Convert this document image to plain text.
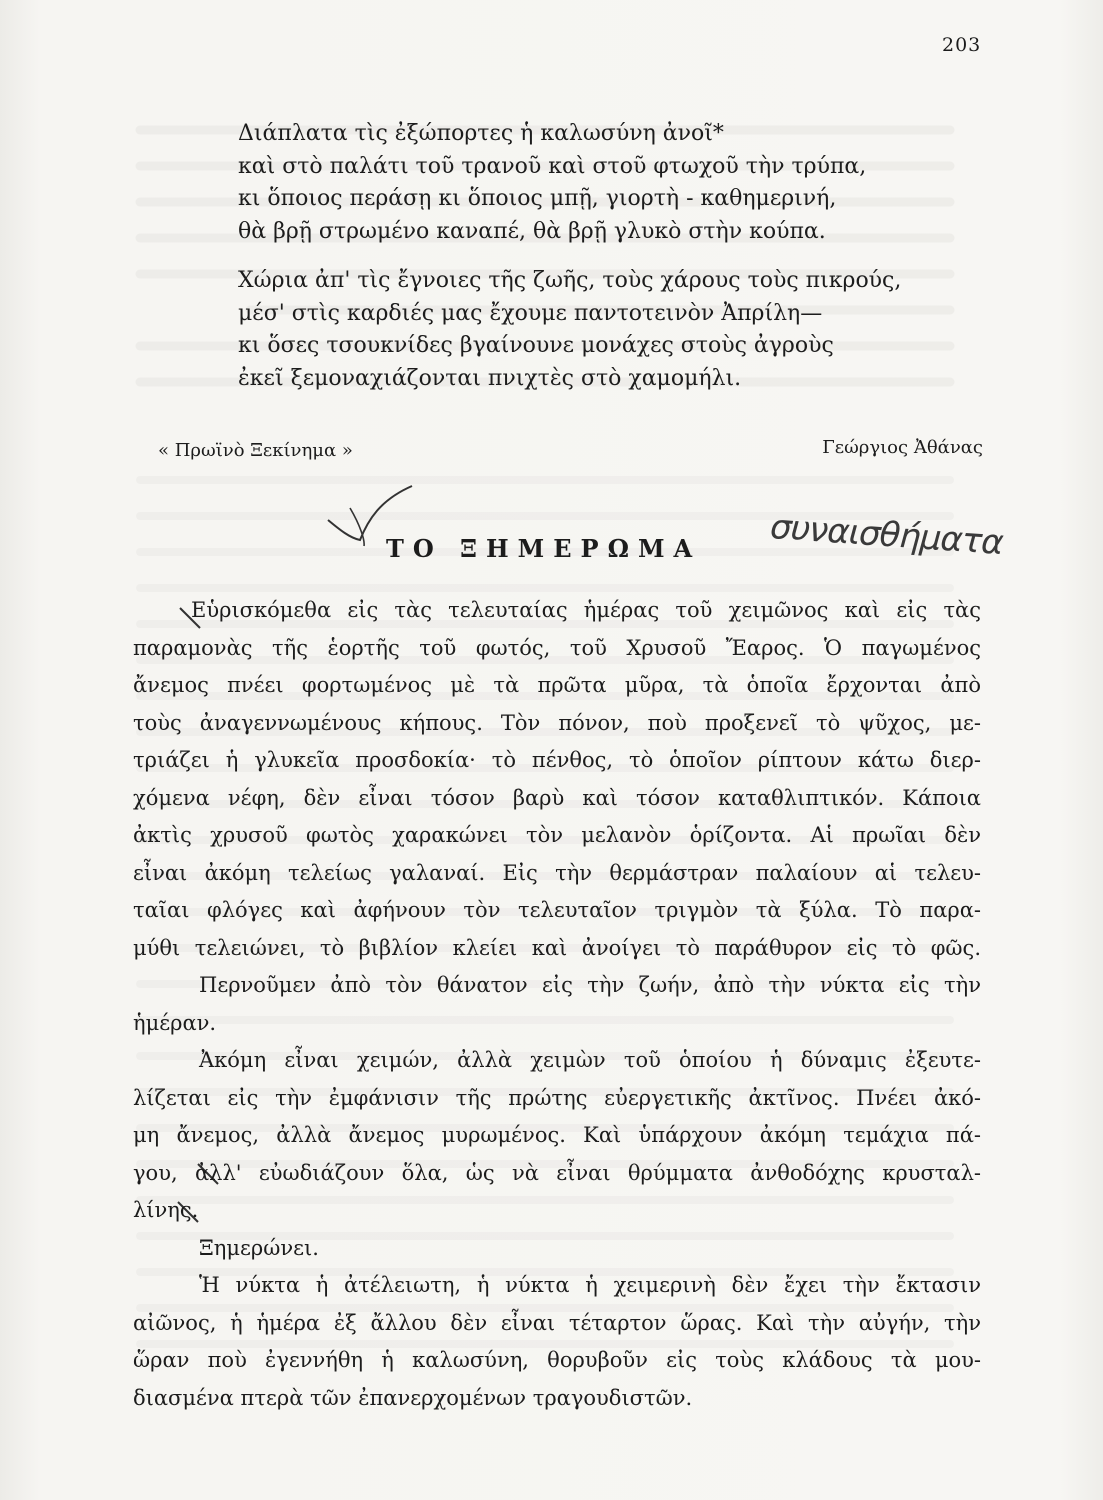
203
Διάπλατα τὶς ἐξώπορτες ἡ καλωσύνη ἀνοῖ*
καὶ στὸ παλάτι τοῦ τρανοῦ καὶ στοῦ φτωχοῦ τὴν τρύπα,
κι ὅποιος περάσῃ κι ὅποιος μπῇ, γιορτὴ - καθημερινή,
θὰ βρῇ στρωμένο καναπέ, θὰ βρῇ γλυκὸ στὴν κούπα.
Χώρια ἀπ' τὶς ἔγνοιες τῆς ζωῆς, τοὺς χάρους τοὺς πικρούς,
μέσ' στὶς καρδιές μας ἔχουμε παντοτεινὸν Ἀπρίλη—
κι ὅσες τσουκνίδες βγαίνουνε μονάχες στοὺς ἀγροὺς
ἐκεῖ ξεμοναχιάζονται πνιχτὲς στὸ χαμομήλι.
« Πρωϊνὸ Ξεκίνημα »	Γεώργιος Ἀθάνας
ΤΟ ΞΗΜΕΡΩΜΑ συναισθήματα
Εὑρισκόμεθα εἰς τὰς τελευταίας ἡμέρας τοῦ χειμῶνος καὶ εἰς τὰς
παραμονὰς τῆς ἑορτῆς τοῦ φωτός, τοῦ Χρυσοῦ Ἔαρος. Ὁ παγωμένος
ἄνεμος πνέει φορτωμένος μὲ τὰ πρῶτα μῦρα, τὰ ὁποῖα ἔρχονται ἀπὸ
τοὺς ἀναγεννωμένους κήπους. Τὸν πόνον, ποὺ προξενεῖ τὸ ψῦχος, με-
τριάζει ἡ γλυκεῖα προσδοκία· τὸ πένθος, τὸ ὁποῖον ρίπτουν κάτω διερ-
χόμενα νέφη, δὲν εἶναι τόσον βαρὺ καὶ τόσον καταθλιπτικόν. Κάποια
ἀκτὶς χρυσοῦ φωτὸς χαρακώνει τὸν μελανὸν ὁρίζοντα. Αἱ πρωῖαι δὲν
εἶναι ἀκόμη τελείως γαλαναί. Εἰς τὴν θερμάστραν παλαίουν αἱ τελευ-
ταῖαι φλόγες καὶ ἀφήνουν τὸν τελευταῖον τριγμὸν τὰ ξύλα. Τὸ παρα-
μύθι τελειώνει, τὸ βιβλίον κλείει καὶ ἀνοίγει τὸ παράθυρον εἰς τὸ φῶς.
Περνοῦμεν ἀπὸ τὸν θάνατον εἰς τὴν ζωήν, ἀπὸ τὴν νύκτα εἰς τὴν
ἡμέραν.
Ἀκόμη εἶναι χειμών, ἀλλὰ χειμὼν τοῦ ὁποίου ἡ δύναμις ἐξευτε-
λίζεται εἰς τὴν ἐμφάνισιν τῆς πρώτης εὐεργετικῆς ἀκτῖνος. Πνέει ἀκό-
μη ἄνεμος, ἀλλὰ ἄνεμος μυρωμένος. Καὶ ὑπάρχουν ἀκόμη τεμάχια πά-
γου, ἀλλ' εὐωδιάζουν ὅλα, ὡς νὰ εἶναι θρύμματα ἀνθοδόχης κρυσταλ-
λίνης.
Ξημερώνει.
Ἡ νύκτα ἡ ἀτέλειωτη, ἡ νύκτα ἡ χειμερινὴ δὲν ἔχει τὴν ἔκτασιν
αἰῶνος, ἡ ἡμέρα ἐξ ἄλλου δὲν εἶναι τέταρτον ὥρας. Καὶ τὴν αὐγήν, τὴν
ὥραν ποὺ ἐγεννήθη ἡ καλωσύνη, θορυβοῦν εἰς τοὺς κλάδους τὰ μου-
διασμένα πτερὰ τῶν ἐπανερχομένων τραγουδιστῶν.
